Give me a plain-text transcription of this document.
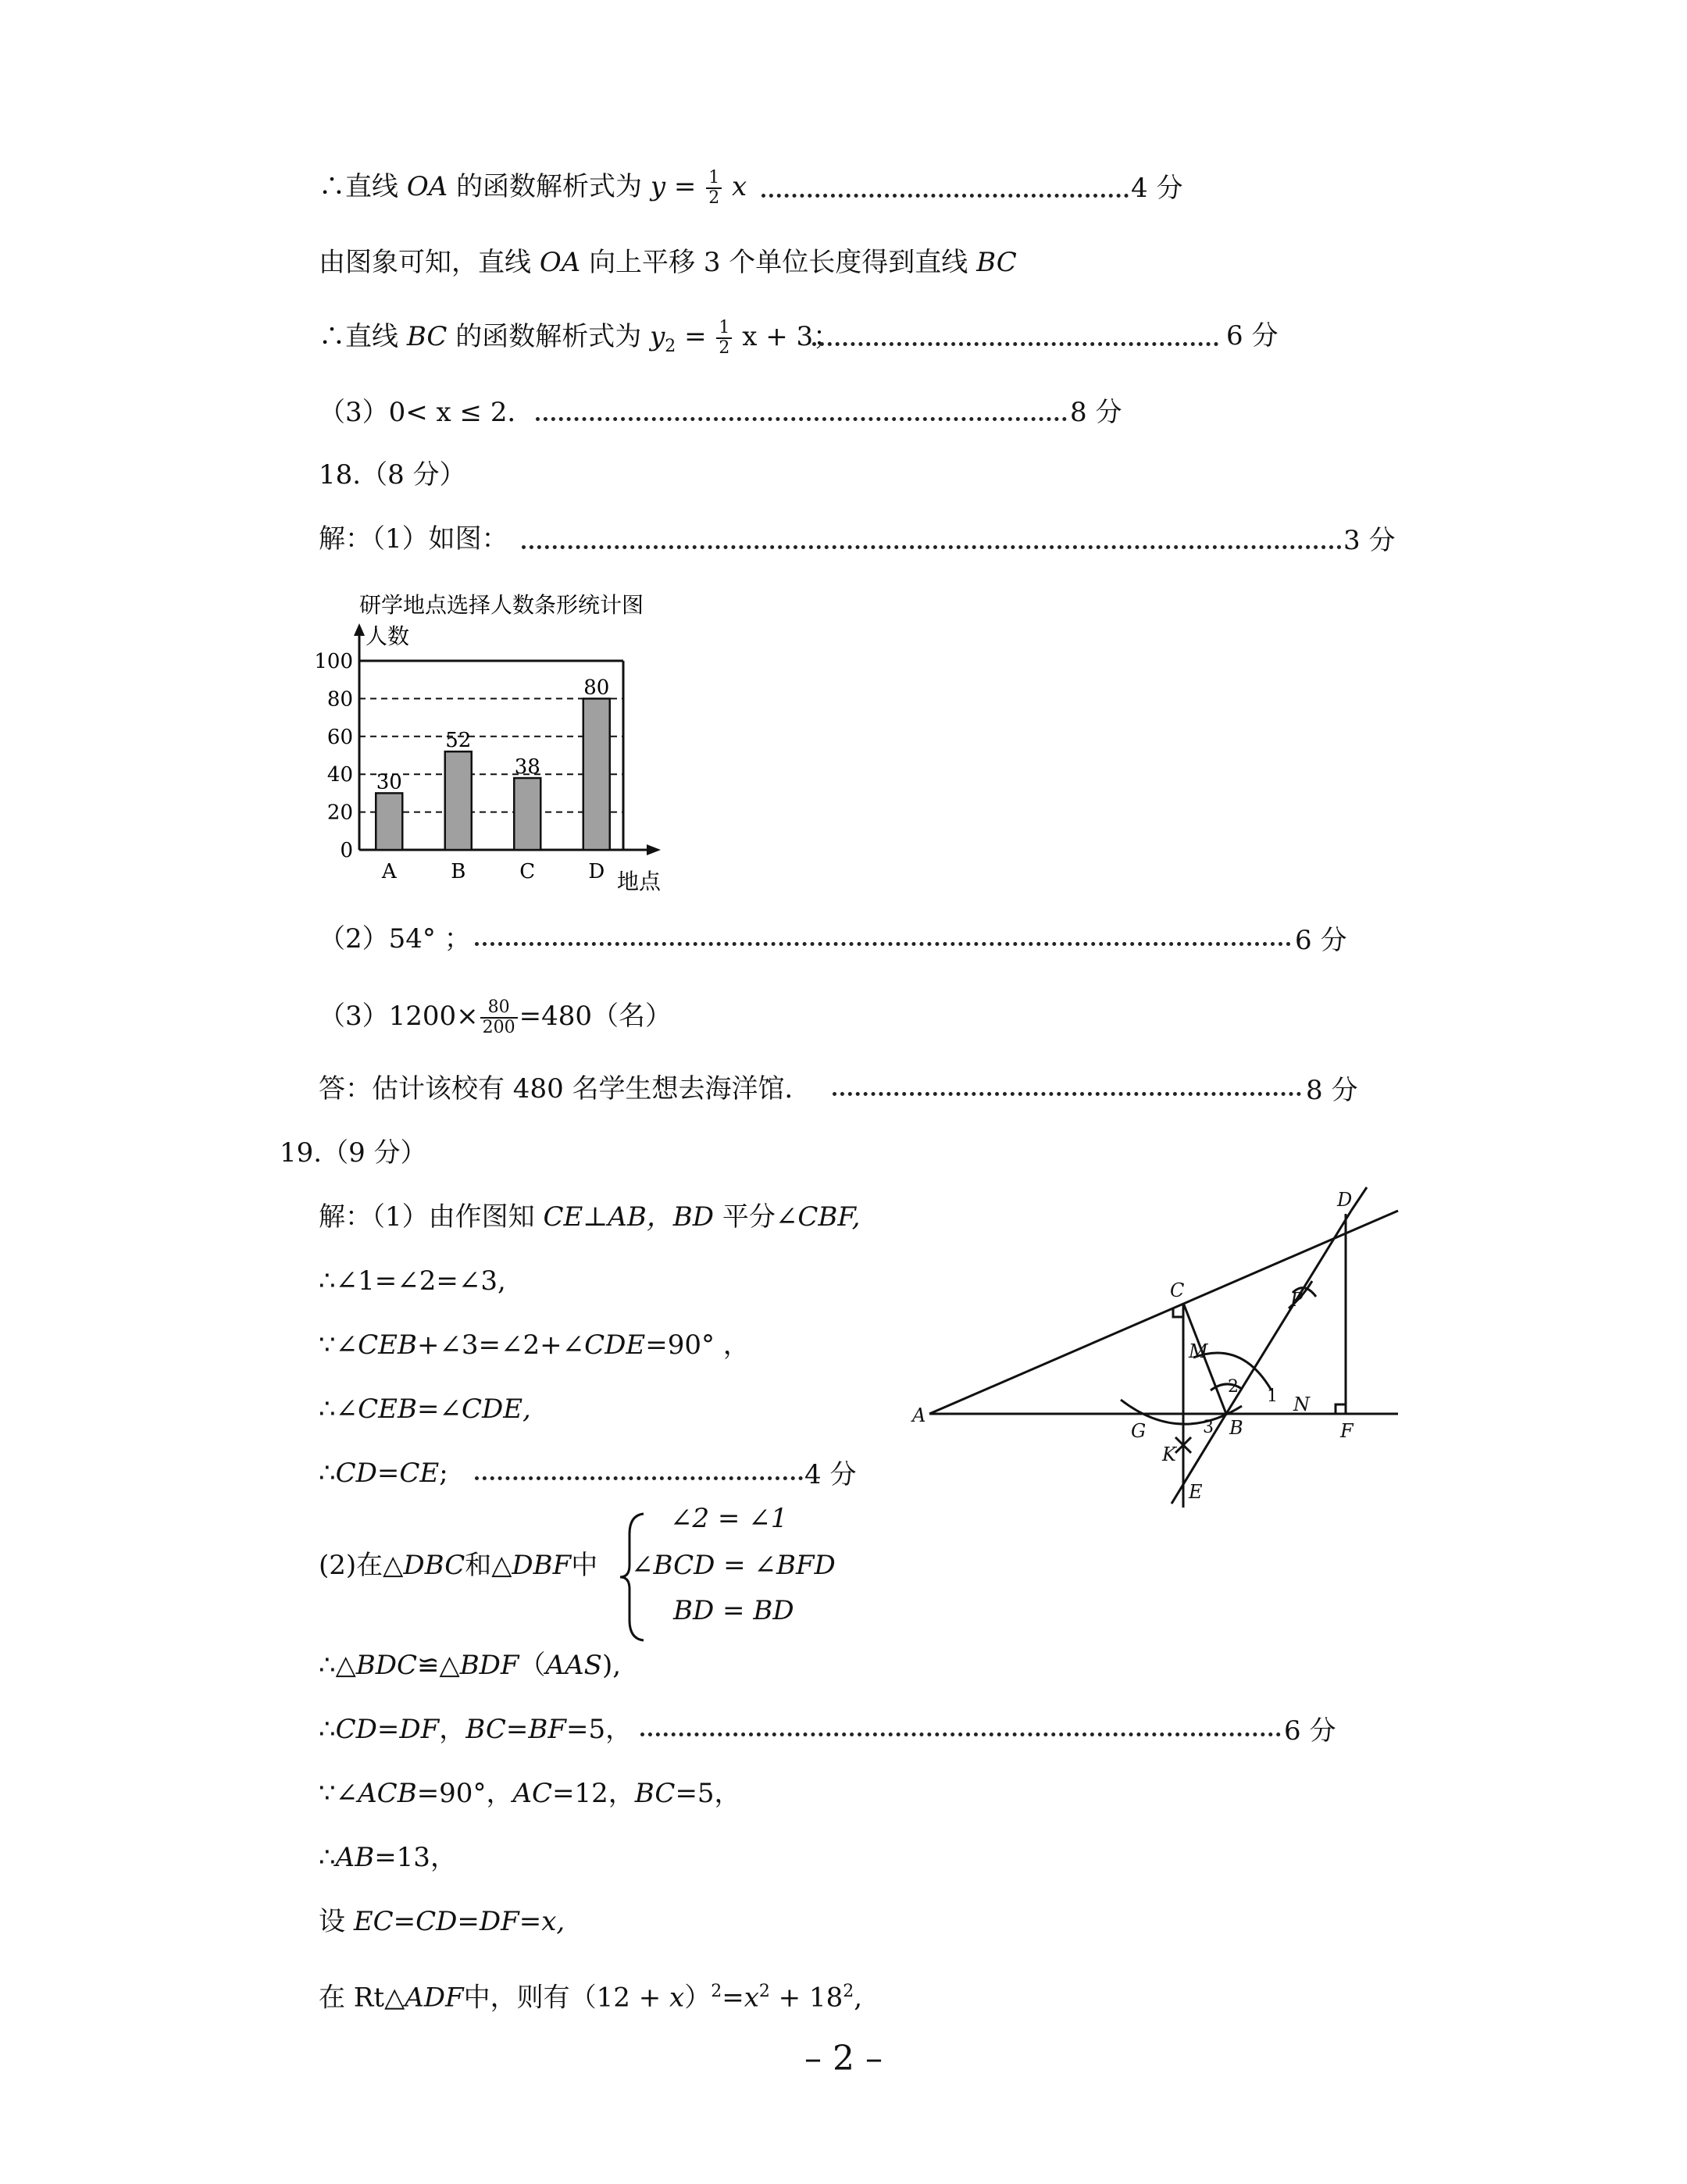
∴直线 OA 的函数解析式为 $y = \frac{1}{2}$ x	4 分
由图象可知，直线 OA 向上平移 3 个单位长度得到直线 BC
∴直线 BC 的函数解析式为 $y_2 = \frac{1}{2}$ x + 3；	6 分
（3）0< x ≤ 2．	8 分
18.（8 分）
解：（1）如图：	3 分
研学地点选择人数条形统计图
人数
0
20
40
60
80
100
30
A
52
B
38
C
80
D 地点
（2）54° ；	6 分
$(3)1200\times \frac{80}{200} =480$（名）
答：估计该校有 480 名学生想去海洋馆．	8 分
19.（9 分）
解：（1）由作图知 CE⊥AB，BD 平分∠CBF,
∴∠1=∠2=∠3,
∵∠CEB+∠3=∠2+∠CDE=90° ，
∴∠CEB=∠CDE,
∴CD=CE;	4 分
(2)在△DBC和△DBF中
∠2 = ∠1
∠BCD = ∠BFD
BD = BD
∴△BDC≌△BDF（AAS),
∴CD=DF，BC=BF=5，	6 分
∵∠ACB=90°，AC=12，BC=5，
∴AB=13，
设 EC=CD=DF=x,
在 Rt△ADF中，则有$(12 + x)^2=x^2 + 18^2$,
A
B
C
D
E
F
G
K
M
N
P
1
2
3
– 2 –
